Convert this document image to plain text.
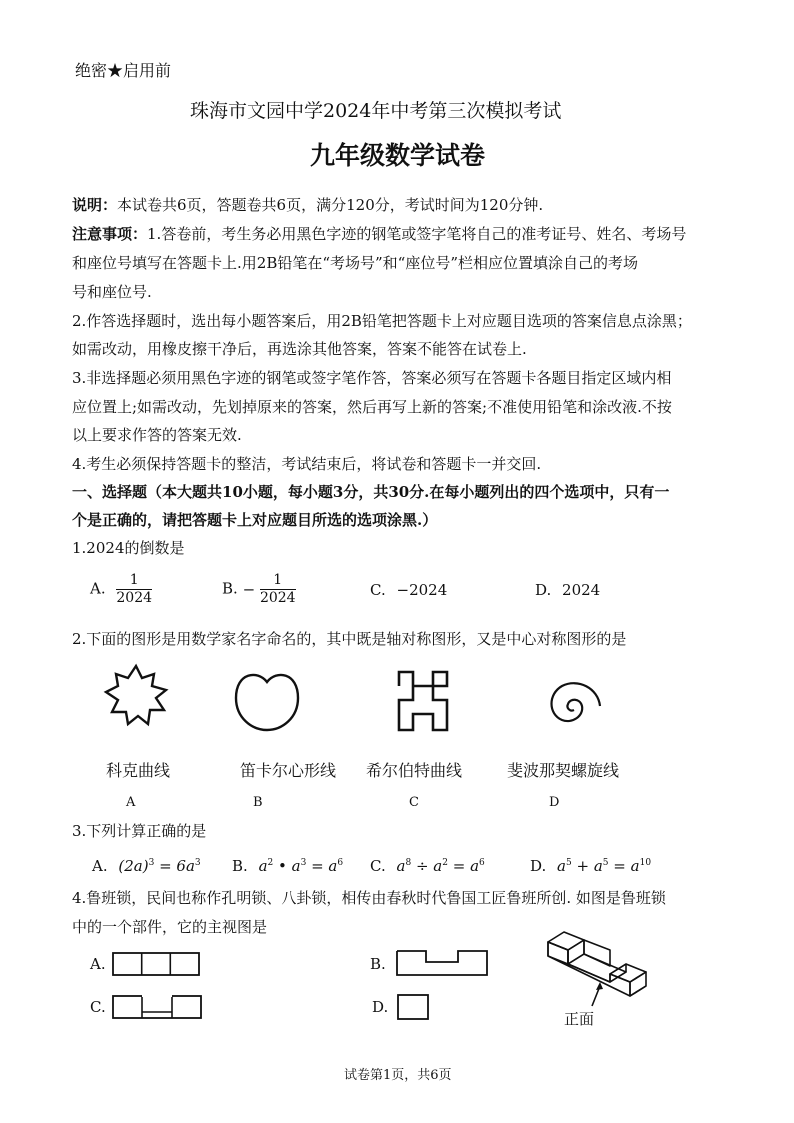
绝密★启用前
珠海市文园中学2024年中考第三次模拟考试
九年级数学试卷
说明：本试卷共6页，答题卷共6页，满分120分，考试时间为120分钟.
注意事项：1.答卷前，考生务必用黑色字迹的钢笔或签字笔将自己的准考证号、姓名、考场号
和座位号填写在答题卡上.用2B铅笔在“考场号”和“座位号”栏相应位置填涂自己的考场
号和座位号.
2.作答选择题时，选出每小题答案后，用2B铅笔把答题卡上对应题目选项的答案信息点涂黑；
如需改动，用橡皮擦干净后，再选涂其他答案，答案不能答在试卷上.
3.非选择题必须用黑色字迹的钢笔或签字笔作答，答案必须写在答题卡各题目指定区域内相
应位置上;如需改动，先划掉原来的答案，然后再写上新的答案;不准使用铅笔和涂改液.不按
以上要求作答的答案无效.
4.考生必须保持答题卡的整洁，考试结束后，将试卷和答题卡一并交回.
一、选择题（本大题共10小题，每小题3分，共30分.在每小题列出的四个选项中，只有一
个是正确的，请把答题卡上对应题目所选的选项涂黑.）
1.2024的倒数是
A. $\frac{1}{2024}$	B. − $\frac{1}{2024}$	C. −2024	D. 2024
2.下面的图形是用数学家名字命名的，其中既是轴对称图形，又是中心对称图形的是
科克曲线	笛卡尔心形线 希尔伯特曲线	斐波那契螺旋线
A	B	C	D
3.下列计算正确的是
A. $(2a)^3 = 6a^3$ B. $a^2$ • $a^3 = a^6$ C. $a^8 \div a^2 = a^6$	D. $a^5 + a^5 = a^{10}$
4.鲁班锁，民间也称作孔明锁、八卦锁，相传由春秋时代鲁国工匠鲁班所创. 如图是鲁班锁
中的一个部件，它的主视图是
A.	B.
C.	D.
正面
试卷第1页，共6页
